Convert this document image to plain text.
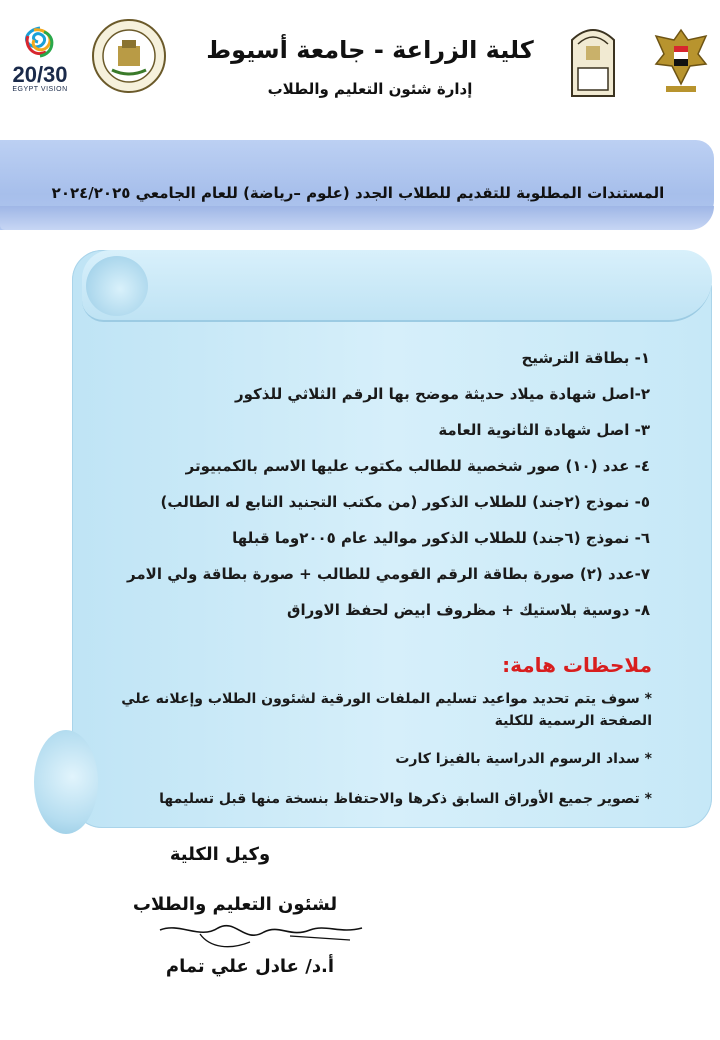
20/30
EGYPT VISION
كلية الزراعة - جامعة أسيوط
إدارة شئون التعليم والطلاب
المستندات المطلوبة للتقديم للطلاب الجدد (علوم –رياضة) للعام الجامعي ٢٠٢٤/٢٠٢٥
١- بطاقة الترشيح
٢-اصل شهادة ميلاد حديثة موضح بها الرقم الثلاثي للذكور
٣- اصل شهادة الثانوية العامة
٤- عدد (١٠) صور شخصية للطالب مكتوب عليها الاسم بالكمبيوتر
٥- نموذج (٢جند) للطلاب الذكور (من مكتب التجنيد التابع له الطالب)
٦- نموذج (٦جند) للطلاب الذكور مواليد عام ٢٠٠٥وما قبلها
٧-عدد (٢) صورة بطاقة الرقم القومي للطالب + صورة بطاقة ولي الامر
٨- دوسية بلاستيك + مظروف ابيض لحفظ الاوراق
ملاحظات هامة:
* سوف يتم تحديد مواعيد تسليم الملفات الورقية لشئوون الطلاب وإعلانه علي الصفحة الرسمية للكلية
* سداد الرسوم الدراسية بالفيزا كارت
* تصوير جميع الأوراق السابق ذكرها والاحتفاظ بنسخة منها قبل تسليمها
وكيل الكلية
لشئون التعليم والطلاب
أ.د/ عادل علي تمام
